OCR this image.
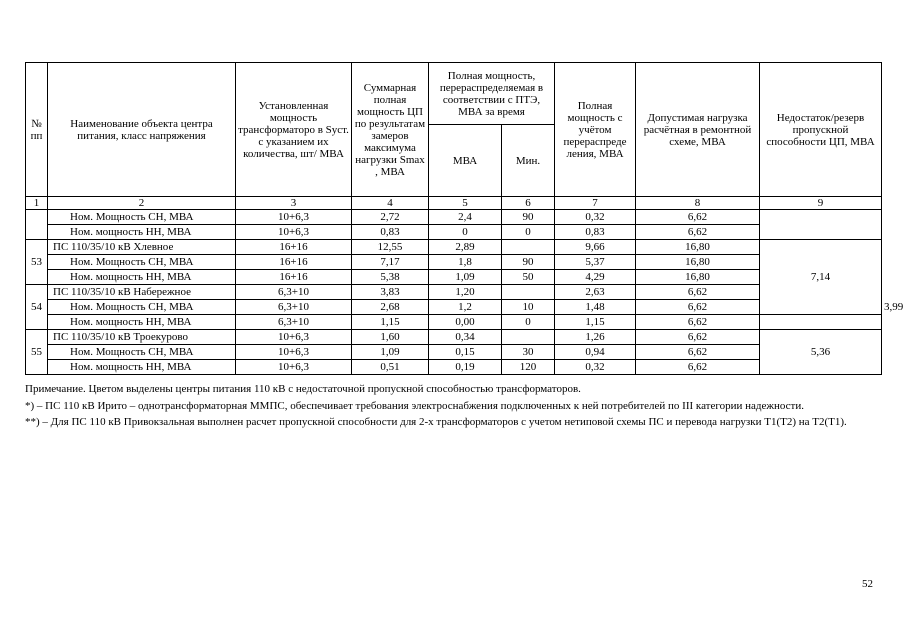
№ пп	Наименование объекта центра питания, класс напряжения	Установленная мощность трансформаторо в Sуст. с указанием их количества, шт/ МВА	Суммарная полная мощность ЦП по результатам замеров максимума нагрузки Smax , МВА	Полная мощность, перераспределяемая в соответствии с ПТЭ, МВА за время		Полная мощность с учётом перераспреде ления, МВА	Допустимая нагрузка расчётная в ремонтной схеме, МВА	Недостаток/резерв пропускной способности ЦП, МВА	
				МВА	Мин.				
1	2	3	4	5	6	7	8	9	
	Ном. Мощность СН, МВА	10+6,3	2,72	2,4	90	0,32	6,62		
	Ном. мощность НН, МВА	10+6,3	0,83	0	0	0,83	6,62		
53	ПС 110/35/10 кВ Хлевное	16+16	12,55	2,89		9,66	16,80	7,14	
	Ном. Мощность СН, МВА	16+16	7,17	1,8	90	5,37	16,80		
	Ном. мощность НН, МВА	16+16	5,38	1,09	50	4,29	16,80		
54	ПС 110/35/10 кВ Набережное	6,3+10	3,83	1,20		2,63	6,62		3,99
	Ном. Мощность СН, МВА	6,3+10	2,68	1,2	10	1,48	6,62		
	Ном. мощность НН, МВА	6,3+10	1,15	0,00	0	1,15	6,62		
55	ПС 110/35/10 кВ Троекурово	10+6,3	1,60	0,34		1,26	6,62	5,36	
	Ном. Мощность СН, МВА	10+6,3	1,09	0,15	30	0,94	6,62		
	Ном. мощность НН, МВА	10+6,3	0,51	0,19	120	0,32	6,62		

Примечание. Цветом выделены центры питания 110 кВ с недостаточной пропускной способностью трансформаторов.

*) – ПС 110 кВ Ирито – однотрансформаторная ММПС, обеспечивает требования электроснабжения подключенных к ней потребителей по III категории надежности.

**) – Для ПС 110 кВ Привокзальная выполнен расчет пропускной способности для 2-х трансформаторов с учетом нетиповой схемы ПС и перевода нагрузки Т1(Т2) на Т2(Т1).

52
